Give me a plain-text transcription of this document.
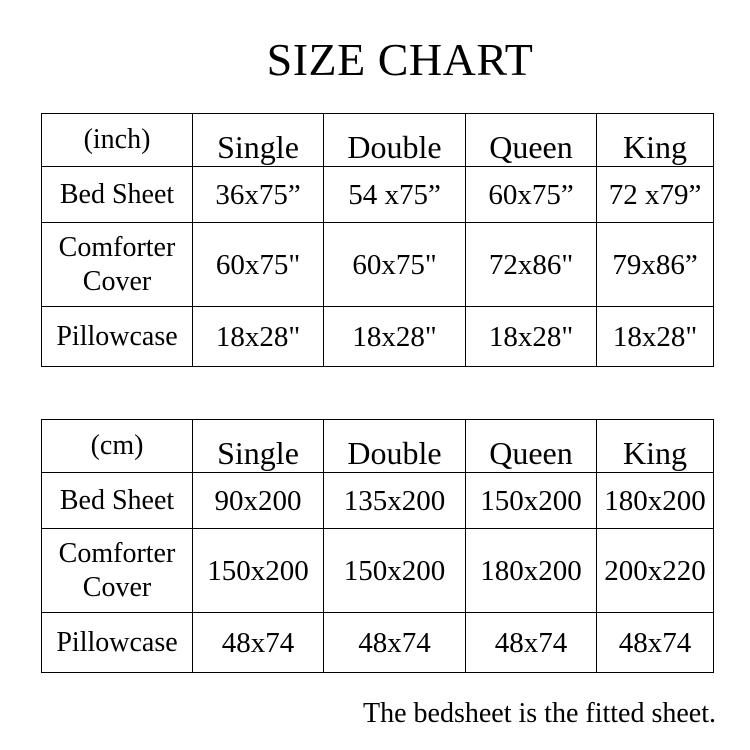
SIZE CHART
(inch)	Single	Double	Queen	King
Bed Sheet	36x75”	54 x75”	60x75”	72 x79”
Comforter
Cover	60x75"	60x75"	72x86"	79x86”
Pillowcase	18x28"	18x28"	18x28"	18x28"
(cm)	Single	Double	Queen	King
Bed Sheet	90x200	135x200	150x200	180x200
Comforter
Cover	150x200	150x200	180x200	200x220
Pillowcase	48x74	48x74	48x74	48x74
The bedsheet is the fitted sheet.
